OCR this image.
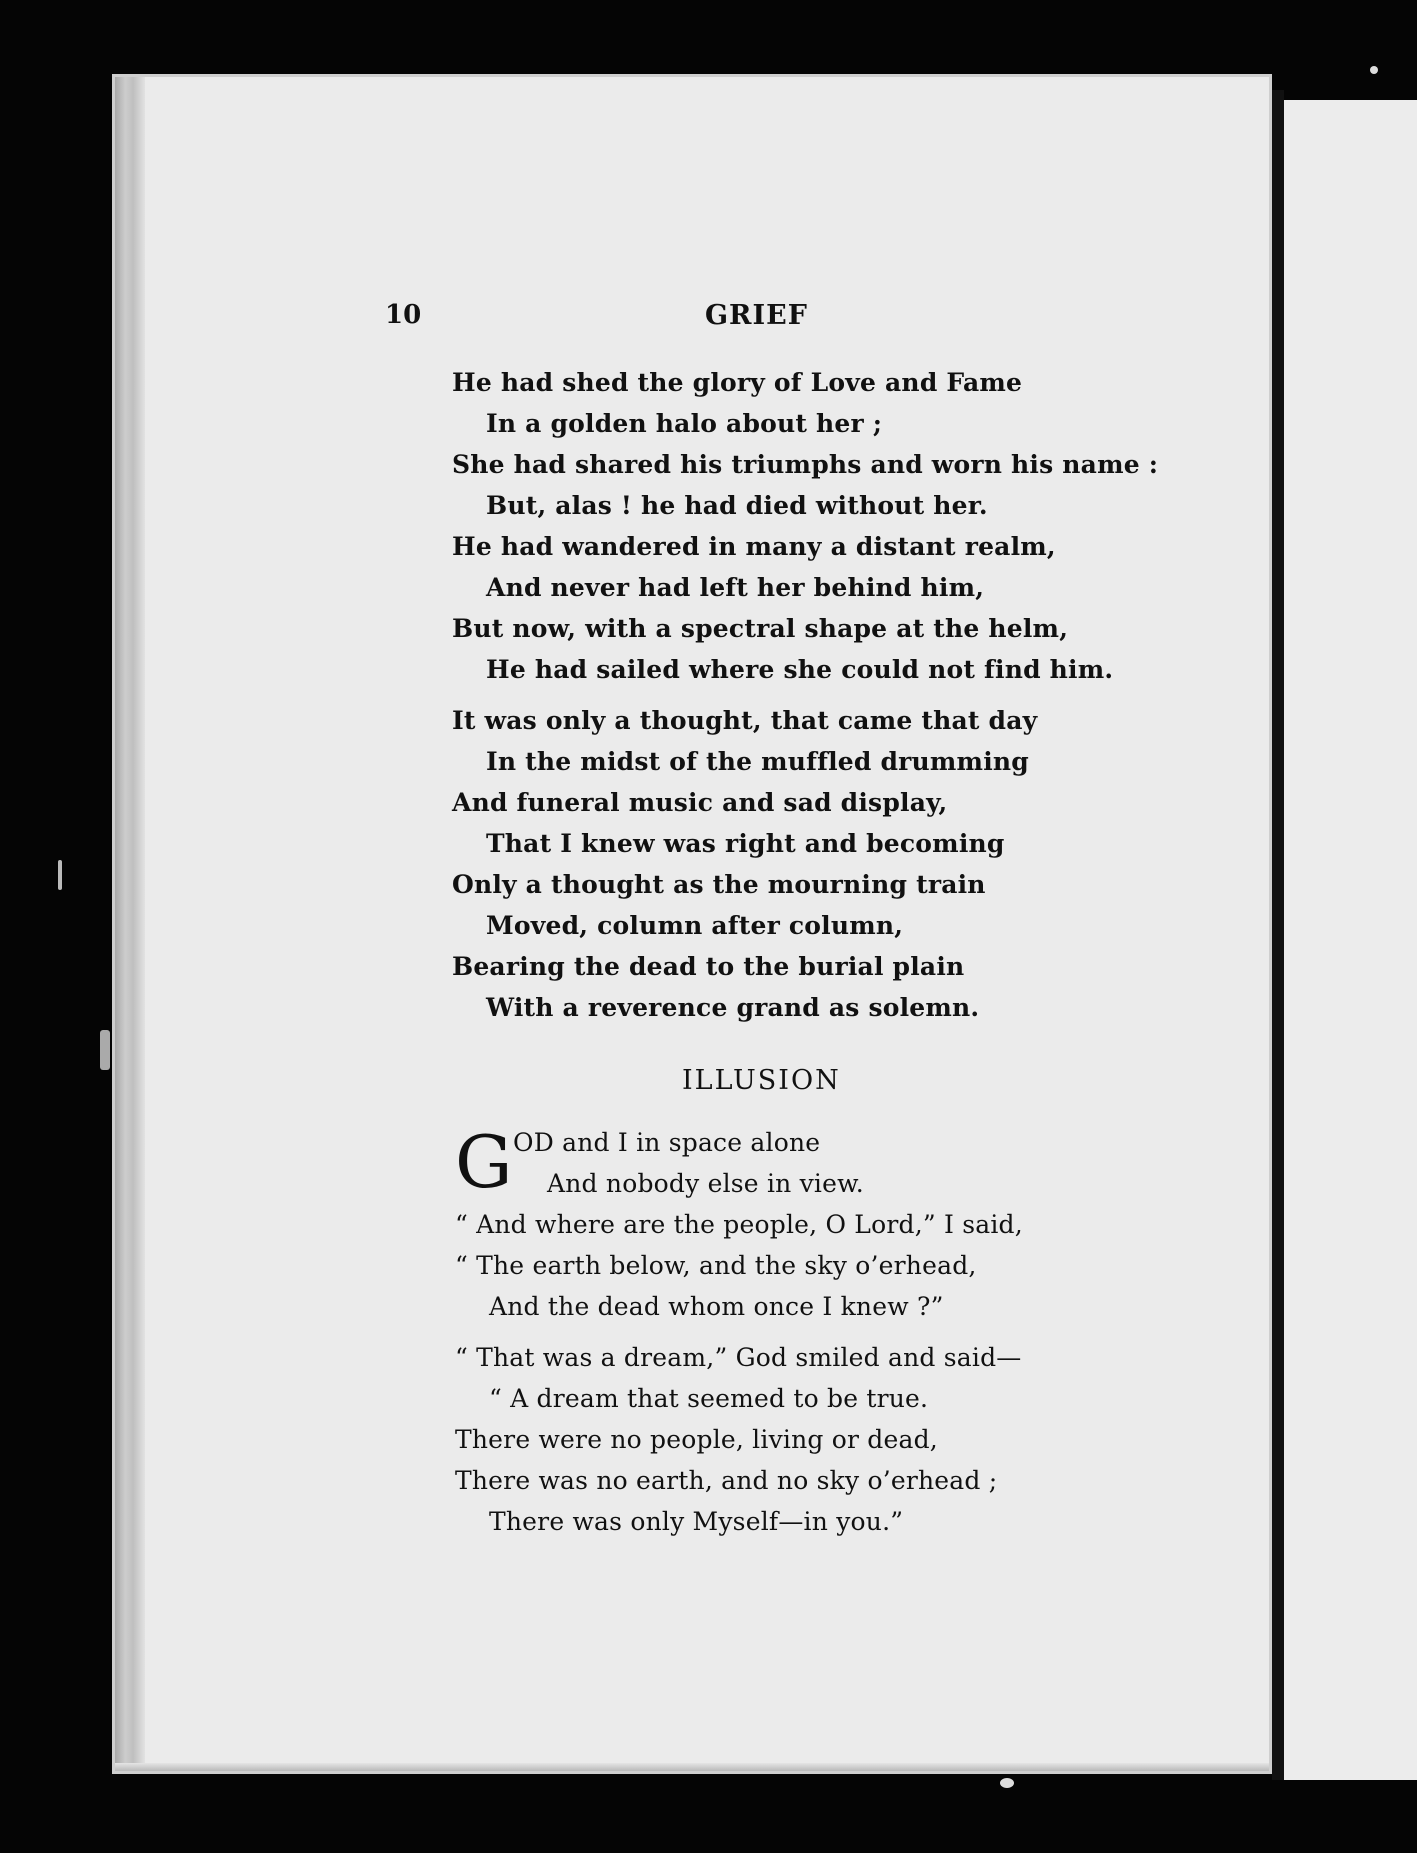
10	GRIEF
He had shed the glory of Love and Fame
In a golden halo about her ;
She had shared his triumphs and worn his name :
But, alas ! he had died without her.
He had wandered in many a distant realm,
And never had left her behind him,
But now, with a spectral shape at the helm,
He had sailed where she could not find him.
It was only a thought, that came that day
In the midst of the muffled drumming
And funeral music and sad display,
That I knew was right and becoming
Only a thought as the mourning train
Moved, column after column,
Bearing the dead to the burial plain
With a reverence grand as solemn.
ILLUSION
G OD and I in space alone
And nobody else in view.
“ And where are the people, O Lord,” I said,
“ The earth below, and the sky o’erhead,
And the dead whom once I knew ?”
“ That was a dream,” God smiled and said—
“ A dream that seemed to be true.
There were no people, living or dead,
There was no earth, and no sky o’erhead ;
There was only Myself—in you.”
